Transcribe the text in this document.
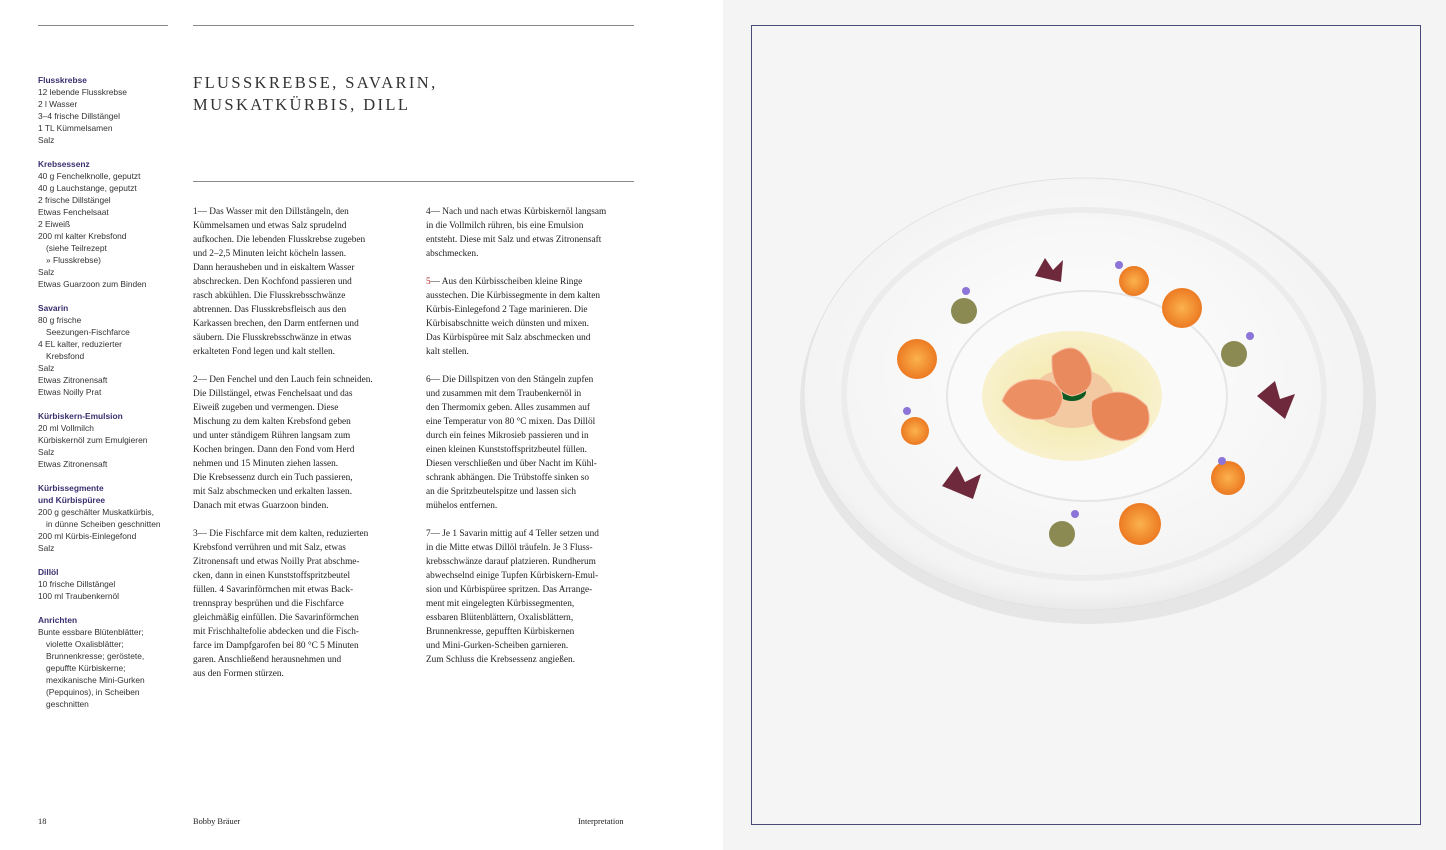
Flusskrebse
12 lebende Flusskrebse
2 l Wasser
3–4 frische Dillstängel
1 TL Kümmelsamen
Salz
Krebsessenz
40 g Fenchelknolle, geputzt
40 g Lauchstange, geputzt
2 frische Dillstängel
Etwas Fenchelsaat
2 Eiweiß
200 ml kalter Krebsfond
(siehe Teilrezept
» Flusskrebse)
Salz
Etwas Guarzoon zum Binden
Savarin
80 g frische
Seezungen-Fischfarce
4 EL kalter, reduzierter
Krebsfond
Salz
Etwas Zitronensaft
Etwas Noilly Prat
Kürbiskern-Emulsion
20 ml Vollmilch
Kürbiskernöl zum Emulgieren
Salz
Etwas Zitronensaft
Kürbissegmente
und Kürbispüree
200 g geschälter Muskatkürbis,
in dünne Scheiben geschnitten
200 ml Kürbis-Einlegefond
Salz
Dillöl
10 frische Dillstängel
100 ml Traubenkernöl
Anrichten
Bunte essbare Blütenblätter;
violette Oxalisblätter;
Brunnenkresse; geröstete,
gepuffte Kürbiskerne;
mexikanische Mini-Gurken
(Pepquinos), in Scheiben
geschnitten
FLUSSKREBSE, SAVARIN,
MUSKATKÜRBIS, DILL

1— Das Wasser mit den Dillstängeln, den
Kümmelsamen und etwas Salz sprudelnd
aufkochen. Die lebenden Flusskrebse zugeben
und 2–2,5 Minuten leicht köcheln lassen.
Dann herausheben und in eiskaltem Wasser
abschrecken. Den Kochfond passieren und
rasch abkühlen. Die Flusskrebsschwänze
abtrennen. Das Flusskrebsfleisch aus den
Karkassen brechen, den Darm entfernen und
säubern. Die Flusskrebsschwänze in etwas
erkalteten Fond legen und kalt stellen.

2— Den Fenchel und den Lauch fein schneiden.
Die Dillstängel, etwas Fenchelsaat und das
Eiweiß zugeben und vermengen. Diese
Mischung zu dem kalten Krebsfond geben
und unter ständigem Rühren langsam zum
Kochen bringen. Dann den Fond vom Herd
nehmen und 15 Minuten ziehen lassen.
Die Krebsessenz durch ein Tuch passieren,
mit Salz abschmecken und erkalten lassen.
Danach mit etwas Guarzoon binden.

3— Die Fischfarce mit dem kalten, reduzierten
Krebsfond verrühren und mit Salz, etwas
Zitronensaft und etwas Noilly Prat abschme-
cken, dann in einen Kunststoffspritzbeutel
füllen. 4 Savarinförmchen mit etwas Back-
trennspray besprühen und die Fischfarce
gleichmäßig einfüllen. Die Savarinförmchen
mit Frischhaltefolie abdecken und die Fisch-
farce im Dampfgarofen bei 80 °C 5 Minuten
garen. Anschließend herausnehmen und
aus den Formen stürzen.

4— Nach und nach etwas Kürbiskernöl langsam
in die Vollmilch rühren, bis eine Emulsion
entsteht. Diese mit Salz und etwas Zitronensaft
abschmecken.

5— Aus den Kürbisscheiben kleine Ringe
ausstechen. Die Kürbissegmente in dem kalten
Kürbis-Einlegefond 2 Tage marinieren. Die
Kürbisabschnitte weich dünsten und mixen.
Das Kürbispüree mit Salz abschmecken und
kalt stellen.

6— Die Dillspitzen von den Stängeln zupfen
und zusammen mit dem Traubenkernöl in
den Thermomix geben. Alles zusammen auf
eine Temperatur von 80 °C mixen. Das Dillöl
durch ein feines Mikrosieb passieren und in
einen kleinen Kunststoffspritzbeutel füllen.
Diesen verschließen und über Nacht im Kühl-
schrank abhängen. Die Trübstoffe sinken so
an die Spritzbeutelspitze und lassen sich
mühelos entfernen.

7— Je 1 Savarin mittig auf 4 Teller setzen und
in die Mitte etwas Dillöl träufeln. Je 3 Fluss-
krebsschwänze darauf platzieren. Rundherum
abwechselnd einige Tupfen Kürbiskern-Emul-
sion und Kürbispüree spritzen. Das Arrange-
ment mit eingelegten Kürbissegmenten,
essbaren Blütenblättern, Oxalisblättern,
Brunnenkresse, gepufften Kürbiskernen
und Mini-Gurken-Scheiben garnieren.
Zum Schluss die Krebsessenz angießen.

18	Bobby Bräuer	Interpretation
